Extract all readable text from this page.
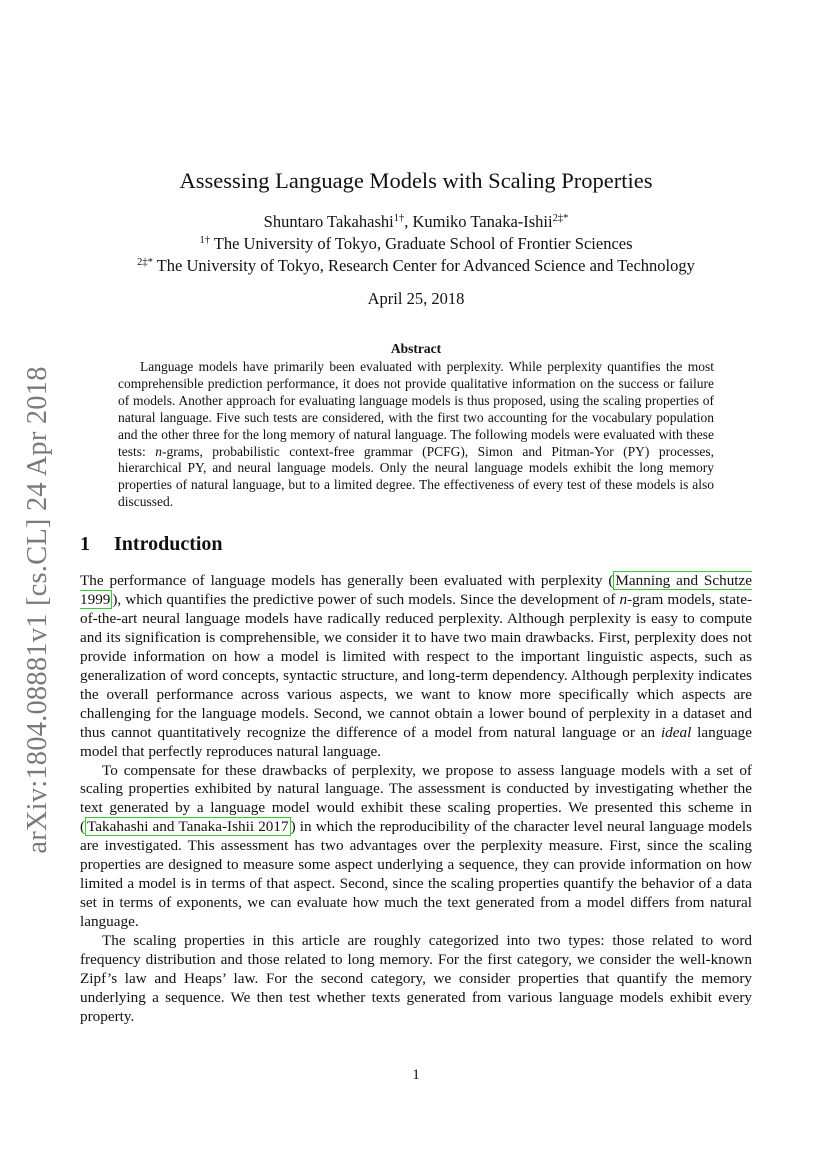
arXiv:1804.08881v1 [cs.CL] 24 Apr 2018
Assessing Language Models with Scaling Properties
Shuntaro Takahashi$^{1\dagger}$, Kumiko Tanaka-Ishii$^{2\ddagger*}$
$^{1\dagger}$ The University of Tokyo, Graduate School of Frontier Sciences
$^{2\ddagger*}$ The University of Tokyo, Research Center for Advanced Science and Technology
April 25, 2018
Abstract

Language models have primarily been evaluated with perplexity. While perplexity quantifies the most comprehensible prediction performance, it does not provide qualitative information on the success or failure of models. Another approach for evaluating language models is thus proposed, using the scaling properties of natural language. Five such tests are considered, with the first two accounting for the vocabulary population and the other three for the long memory of natural language. The following models were evaluated with these tests: n-grams, probabilistic context-free grammar (PCFG), Simon and Pitman-Yor (PY) processes, hierarchical PY, and neural language models. Only the neural language models exhibit the long memory properties of natural language, but to a limited degree. The effectiveness of every test of these models is also discussed.

1 Introduction

The performance of language models has generally been evaluated with perplexity ( Manning and Schutze 1999 ), which quantifies the predictive power of such models. Since the development of n-gram models, state-of-the-art neural language models have radically reduced perplexity. Although perplexity is easy to compute and its signification is comprehensible, we consider it to have two main drawbacks. First, perplexity does not provide information on how a model is limited with respect to the important linguistic aspects, such as generalization of word concepts, syntactic structure, and long-term dependency. Although perplexity indicates the overall performance across various aspects, we want to know more specifically which aspects are challenging for the language models. Second, we cannot obtain a lower bound of perplexity in a dataset and thus cannot quantitatively recognize the difference of a model from natural language or an ideal language model that perfectly reproduces natural language.

To compensate for these drawbacks of perplexity, we propose to assess language models with a set of scaling properties exhibited by natural language. The assessment is conducted by investigating whether the text generated by a language model would exhibit these scaling properties. We presented this scheme in ( Takahashi and Tanaka-Ishii 2017 ) in which the reproducibility of the character level neural language models are investigated. This assessment has two advantages over the perplexity measure. First, since the scaling properties are designed to measure some aspect underlying a sequence, they can provide information on how limited a model is in terms of that aspect. Second, since the scaling properties quantify the behavior of a data set in terms of exponents, we can evaluate how much the text generated from a model differs from natural language.

The scaling properties in this article are roughly categorized into two types: those related to word frequency distribution and those related to long memory. For the first category, we consider the well-known Zipf’s law and Heaps’ law. For the second category, we consider properties that quantify the memory underlying a sequence. We then test whether texts generated from various language models exhibit every property.

1
